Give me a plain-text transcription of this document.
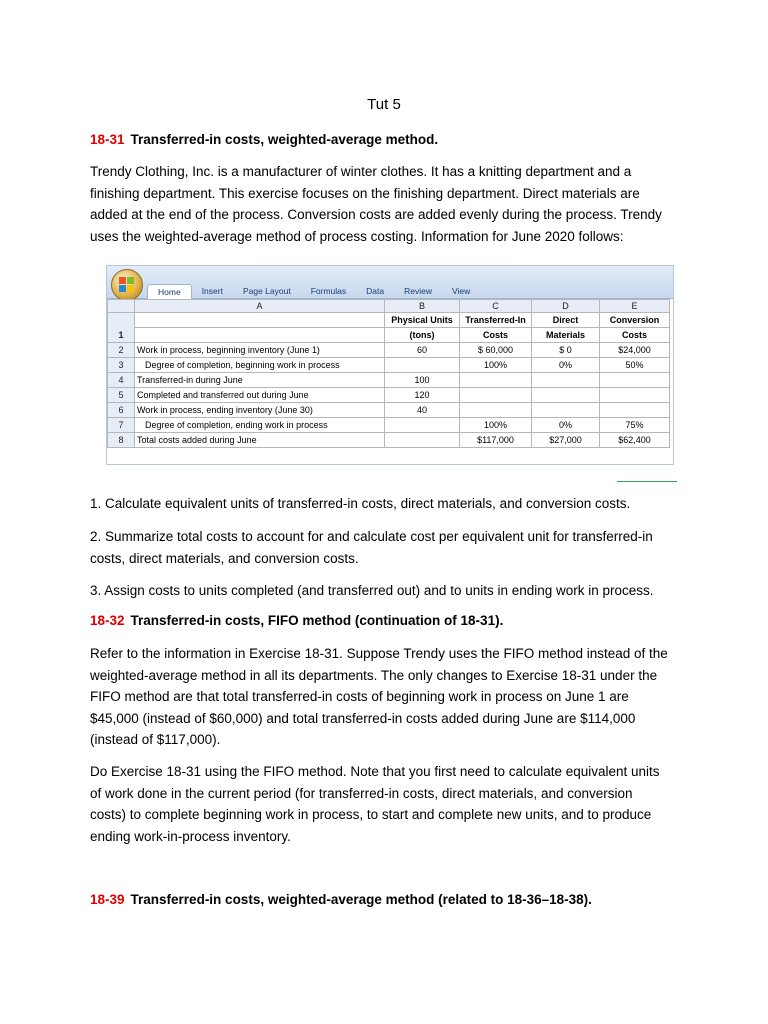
Tut 5
18-31 Transferred-in costs, weighted-average method.
Trendy Clothing, Inc. is a manufacturer of winter clothes. It has a knitting department and a
finishing department. This exercise focuses on the finishing department. Direct materials are
added at the end of the process. Conversion costs are added evenly during the process. Trendy
uses the weighted-average method of process costing. Information for June 2020 follows:
Home	Insert	Page Layout	Formulas	Data	Review	View
	A	B	C	D	E
1		Physical Units	Transferred-In	Direct	Conversion
		(tons)	Costs	Materials	Costs
2	Work in process, beginning inventory (June 1)	60	$ 60,000	$ 0	$24,000
3	Degree of completion, beginning work in process		100%	0%	50%
4	Transferred-in during June	100			
5	Completed and transferred out during June	120			
6	Work in process, ending inventory (June 30)	40			
7	Degree of completion, ending work in process		100%	0%	75%
8	Total costs added during June		$117,000	$27,000	$62,400
1. Calculate equivalent units of transferred-in costs, direct materials, and conversion costs.
2. Summarize total costs to account for and calculate cost per equivalent unit for transferred-in
costs, direct materials, and conversion costs.
3. Assign costs to units completed (and transferred out) and to units in ending work in process.
18-32 Transferred-in costs, FIFO method (continuation of 18-31).
Refer to the information in Exercise 18-31. Suppose Trendy uses the FIFO method instead of the
weighted-average method in all its departments. The only changes to Exercise 18-31 under the
FIFO method are that total transferred-in costs of beginning work in process on June 1 are
$45,000 (instead of $60,000) and total transferred-in costs added during June are $114,000
(instead of $117,000).
Do Exercise 18-31 using the FIFO method. Note that you first need to calculate equivalent units
of work done in the current period (for transferred-in costs, direct materials, and conversion
costs) to complete beginning work in process, to start and complete new units, and to produce
ending work-in-process inventory.
18-39 Transferred-in costs, weighted-average method (related to 18-36–18-38).
